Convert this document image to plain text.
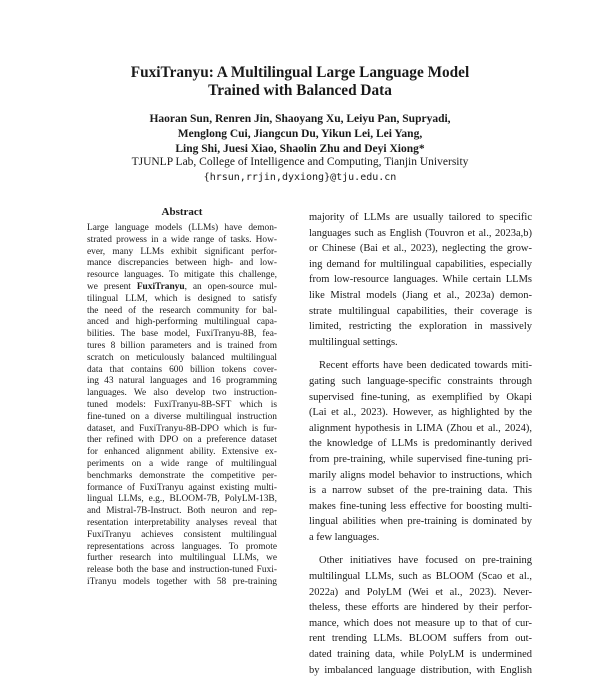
FuxiTranyu: A Multilingual Large Language Model
Trained with Balanced Data
Haoran Sun, Renren Jin, Shaoyang Xu, Leiyu Pan, Supryadi,
Menglong Cui, Jiangcun Du, Yikun Lei, Lei Yang,
Ling Shi, Juesi Xiao, Shaolin Zhu and Deyi Xiong*
TJUNLP Lab, College of Intelligence and Computing, Tianjin University
{hrsun,rrjin,dyxiong}@tju.edu.cn
Abstract
Large language models (LLMs) have demon-
strated prowess in a wide range of tasks. How-
ever, many LLMs exhibit significant perfor-
mance discrepancies between high- and low-
resource languages. To mitigate this challenge,
we present FuxiTranyu, an open-source mul-
tilingual LLM, which is designed to satisfy
the need of the research community for bal-
anced and high-performing multilingual capa-
bilities. The base model, FuxiTranyu-8B, fea-
tures 8 billion parameters and is trained from
scratch on meticulously balanced multilingual
data that contains 600 billion tokens cover-
ing 43 natural languages and 16 programming
languages. We also develop two instruction-
tuned models: FuxiTranyu-8B-SFT which is
fine-tuned on a diverse multilingual instruction
dataset, and FuxiTranyu-8B-DPO which is fur-
ther refined with DPO on a preference dataset
for enhanced alignment ability. Extensive ex-
periments on a wide range of multilingual
benchmarks demonstrate the competitive per-
formance of FuxiTranyu against existing multi-
lingual LLMs, e.g., BLOOM-7B, PolyLM-13B,
and Mistral-7B-Instruct. Both neuron and rep-
resentation interpretability analyses reveal that
FuxiTranyu achieves consistent multilingual
representations across languages. To promote
further research into multilingual LLMs, we
release both the base and instruction-tuned Fuxi-
iTranyu models together with 58 pre-training
majority of LLMs are usually tailored to specific
languages such as English (Touvron et al., 2023a,b)
or Chinese (Bai et al., 2023), neglecting the grow-
ing demand for multilingual capabilities, especially
from low-resource languages. While certain LLMs
like Mistral models (Jiang et al., 2023a) demon-
strate multilingual capabilities, their coverage is
limited, restricting the exploration in massively
multilingual settings.
Recent efforts have been dedicated towards miti-
gating such language-specific constraints through
supervised fine-tuning, as exemplified by Okapi
(Lai et al., 2023). However, as highlighted by the
alignment hypothesis in LIMA (Zhou et al., 2024),
the knowledge of LLMs is predominantly derived
from pre-training, while supervised fine-tuning pri-
marily aligns model behavior to instructions, which
is a narrow subset of the pre-training data. This
makes fine-tuning less effective for boosting multi-
lingual abilities when pre-training is dominated by
a few languages.
Other initiatives have focused on pre-training
multilingual LLMs, such as BLOOM (Scao et al.,
2022a) and PolyLM (Wei et al., 2023). Never-
theless, these efforts are hindered by their perfor-
mance, which does not measure up to that of cur-
rent trending LLMs. BLOOM suffers from out-
dated training data, while PolyLM is undermined
by imbalanced language distribution, with English
